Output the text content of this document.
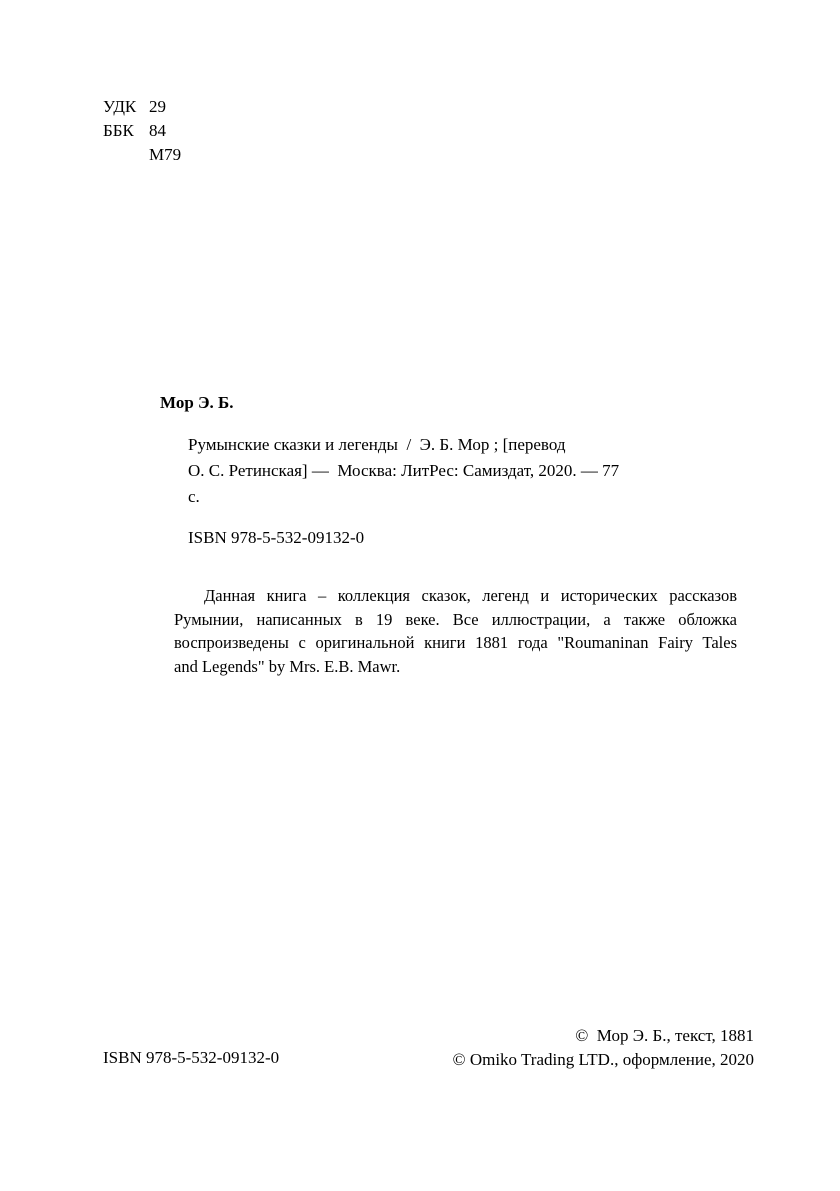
УДК 29
ББК 84
М79
Мор Э. Б.
Румынские сказки и легенды  /  Э. Б. Мор ; [перевод
О. С. Ретинская] —  Москва: ЛитРес: Самиздат, 2020. — 77
с.
ISBN 978-5-532-09132-0
Данная книга – коллекция сказок, легенд и исторических рассказов
Румынии, написанных в 19 веке. Все иллюстрации, а также обложка
воспроизведены с оригинальной книги 1881 года "Roumaninan Fairy Tales
and Legends" by Mrs. E.B. Mawr.
ISBN 978-5-532-09132-0
©  Мор Э. Б., текст, 1881
© Omiko Trading LTD., оформление, 2020
